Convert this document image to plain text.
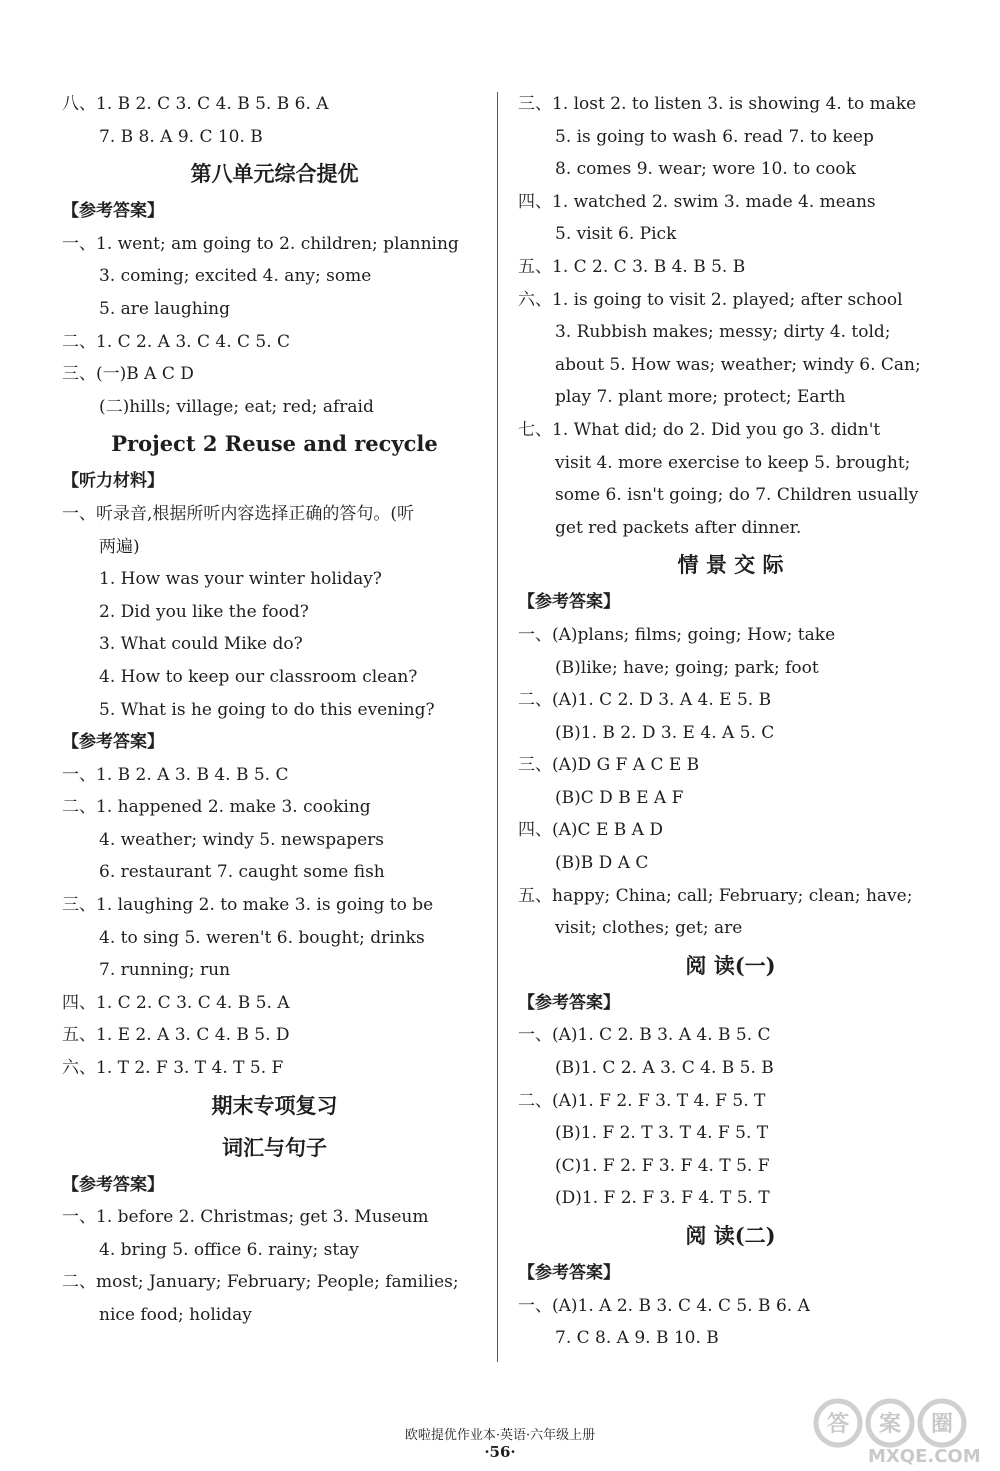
八、1. B 2. C 3. C 4. B 5. B 6. A
7. B 8. A 9. C 10. B
第八单元综合提优
【参考答案】
一、1. went; am going to 2. children; planning
3. coming; excited 4. any; some
5. are laughing
二、1. C 2. A 3. C 4. C 5. C
三、(一)B A C D
(二)hills; village; eat; red; afraid
Project 2 Reuse and recycle
【听力材料】
一、听录音,根据所听内容选择正确的答句。(听
两遍)
1. How was your winter holiday?
2. Did you like the food?
3. What could Mike do?
4. How to keep our classroom clean?
5. What is he going to do this evening?
【参考答案】
一、1. B 2. A 3. B 4. B 5. C
二、1. happened 2. make 3. cooking
4. weather; windy 5. newspapers
6. restaurant 7. caught some fish
三、1. laughing 2. to make 3. is going to be
4. to sing 5. weren't 6. bought; drinks
7. running; run
四、1. C 2. C 3. C 4. B 5. A
五、1. E 2. A 3. C 4. B 5. D
六、1. T 2. F 3. T 4. T 5. F
期末专项复习
词汇与句子
【参考答案】
一、1. before 2. Christmas; get 3. Museum
4. bring 5. office 6. rainy; stay
二、most; January; February; People; families;
nice food; holiday
三、1. lost 2. to listen 3. is showing 4. to make
5. is going to wash 6. read 7. to keep
8. comes 9. wear; wore 10. to cook
四、1. watched 2. swim 3. made 4. means
5. visit 6. Pick
五、1. C 2. C 3. B 4. B 5. B
六、1. is going to visit 2. played; after school
3. Rubbish makes; messy; dirty 4. told;
about 5. How was; weather; windy 6. Can;
play 7. plant more; protect; Earth
七、1. What did; do 2. Did you go 3. didn't
visit 4. more exercise to keep 5. brought;
some 6. isn't going; do 7. Children usually
get red packets after dinner.
情 景 交 际
【参考答案】
一、(A)plans; films; going; How; take
(B)like; have; going; park; foot
二、(A)1. C 2. D 3. A 4. E 5. B
(B)1. B 2. D 3. E 4. A 5. C
三、(A)D G F A C E B
(B)C D B E A F
四、(A)C E B A D
(B)B D A C
五、happy; China; call; February; clean; have;
visit; clothes; get; are
阅 读(一)
【参考答案】
一、(A)1. C 2. B 3. A 4. B 5. C
(B)1. C 2. A 3. C 4. B 5. B
二、(A)1. F 2. F 3. T 4. F 5. T
(B)1. F 2. T 3. T 4. F 5. T
(C)1. F 2. F 3. F 4. T 5. F
(D)1. F 2. F 3. F 4. T 5. T
阅 读(二)
【参考答案】
一、(A)1. A 2. B 3. C 4. C 5. B 6. A
7. C 8. A 9. B 10. B
欧啦提优作业本·英语·六年级上册
·56·
答 案 圈
MXQE.COM
